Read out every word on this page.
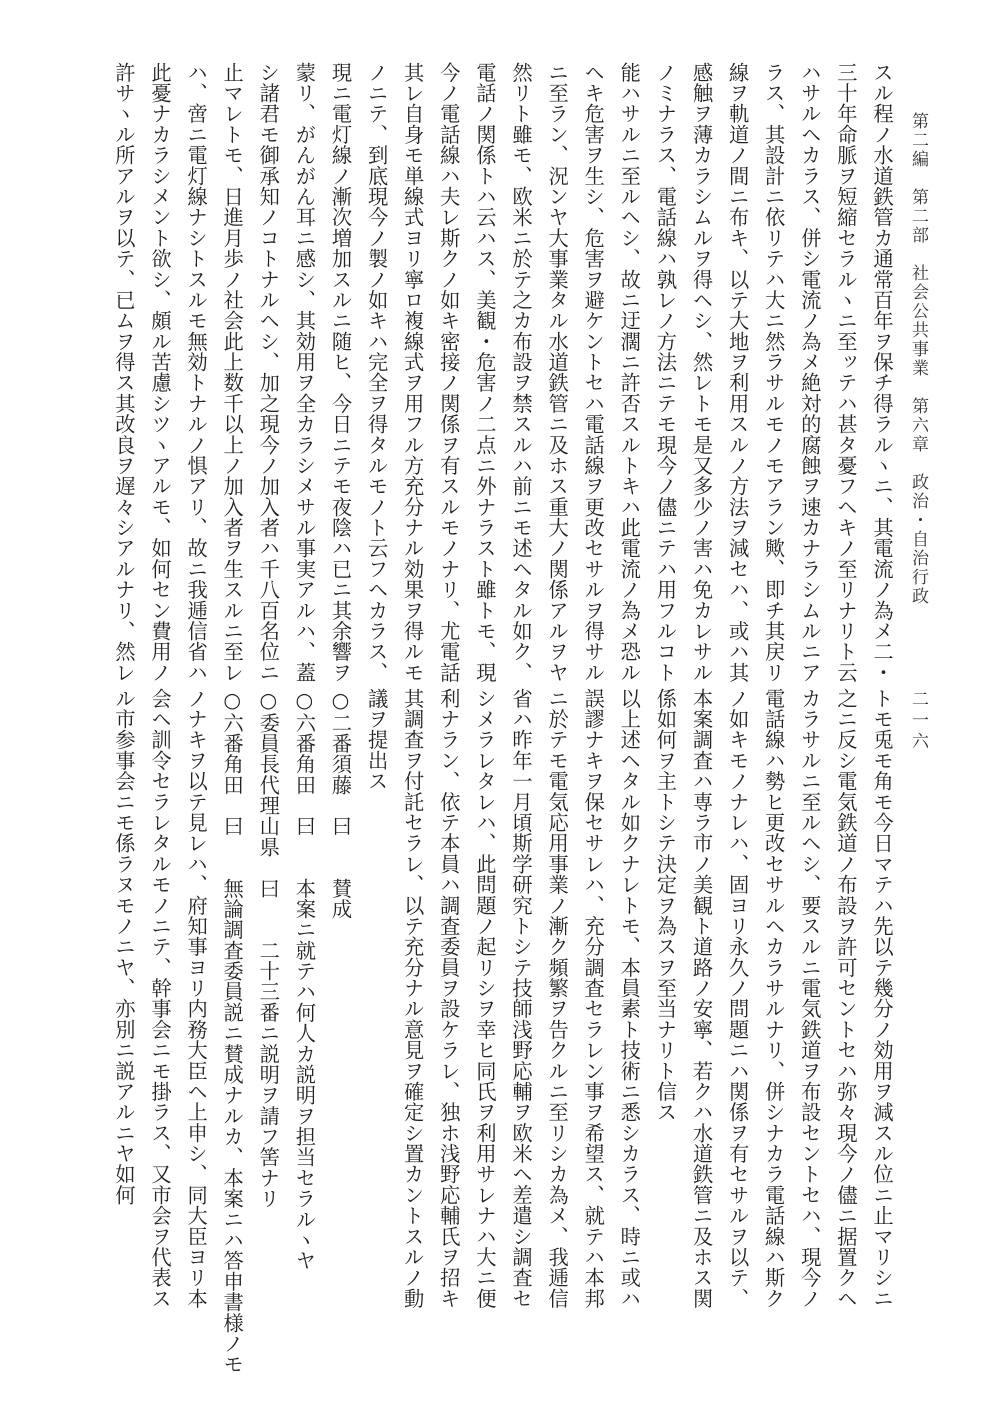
第二編　第二部　社会公共事業　第六章　政治・自治行政
二一六
スル程ノ水道鉄管カ通常百年ヲ保チ得ラルヽニ、其電流ノ為メ二・
三十年命脈ヲ短縮セラルヽニ至ッテハ甚タ憂フヘキノ至リナリト云
ハサルヘカラス、併シ電流ノ為メ絶対的腐蝕ヲ速カナラシムルニア
ラス、其設計ニ依リテハ大ニ然ラサルモノモアラン歟、即チ其戻リ
線ヲ軌道ノ間ニ布キ、以テ大地ヲ利用スルノ方法ヲ減セハ、或ハ其
感触ヲ薄カラシムルヲ得ヘシ、然レトモ是又多少ノ害ハ免カレサル
ノミナラス、電話線ハ孰レノ方法ニテモ現今ノ儘ニテハ用フルコト
能ハサルニ至ルヘシ、故ニ迂濶ニ許否スルトキハ此電流ノ為メ恐ル
ヘキ危害ヲ生シ、危害ヲ避ケントセハ電話線ヲ更改セサルヲ得サル
ニ至ラン、況ンヤ大事業タル水道鉄管ニ及ホス重大ノ関係アルヲヤ
然リト雖モ、欧米ニ於テ之カ布設ヲ禁スルハ前ニモ述ヘタル如ク、
電話ノ関係トハ云ハス、美観・危害ノ二点ニ外ナラスト雖トモ、現
今ノ電話線ハ夫レ斯クノ如キ密接ノ関係ヲ有スルモノナリ、尤電話
其レ自身モ単線式ヨリ寧ロ複線式ヲ用フル方充分ナル効果ヲ得ルモ
ノニテ、到底現今ノ製ノ如キハ完全ヲ得タルモノト云フヘカラス、
現ニ電灯線ノ漸次増加スルニ随ヒ、今日ニテモ夜陰ハ已ニ其余響ヲ
蒙リ、がんがん耳ニ感シ、其効用ヲ全カラシメサル事実アルハ、蓋
シ諸君モ御承知ノコトナルヘシ、加之現今ノ加入者ハ千八百名位ニ
止マレトモ、日進月歩ノ社会此上数千以上ノ加入者ヲ生スルニ至レ
ハ、啻ニ電灯線ナシトスルモ無効トナルノ惧アリ、故ニ我逓信省ハ
此憂ナカラシメント欲シ、頗ル苦慮シツヽアルモ、如何セン費用ノ
許サヽル所アルヲ以テ、已ムヲ得ス其改良ヲ遅々シアルナリ、然レ
トモ兎モ角モ今日マテハ先以テ幾分ノ効用ヲ減スル位ニ止マリシニ
之ニ反シ電気鉄道ノ布設ヲ許可セントセハ弥々現今ノ儘ニ据置クヘ
カラサルニ至ルヘシ、要スルニ電気鉄道ヲ布設セントセハ、現今ノ
電話線ハ勢ヒ更改セサルヘカラサルナリ、併シナカラ電話線ハ斯ク
ノ如キモノナレハ、固ヨリ永久ノ問題ニハ関係ヲ有セサルヲ以テ、
本案調査ハ専ラ市ノ美観ト道路ノ安寧、若クハ水道鉄管ニ及ホス関
係如何ヲ主トシテ決定ヲ為スヲ至当ナリト信ス
以上述ヘタル如クナレトモ、本員素ト技術ニ悉シカラス、時ニ或ハ
誤謬ナキヲ保セサレハ、充分調査セラレン事ヲ希望ス、就テハ本邦
ニ於テモ電気応用事業ノ漸ク頻繁ヲ告クルニ至リシカ為メ、我逓信
省ハ昨年一月頃斯学研究トシテ技師浅野応輔ヲ欧米ヘ差遣シ調査セ
シメラレタレハ、此問題ノ起リシヲ幸ヒ同氏ヲ利用サレナハ大ニ便
利ナラン、依テ本員ハ調査委員ヲ設ケラレ、独ホ浅野応輔氏ヲ招キ
其調査ヲ付託セラレ、以テ充分ナル意見ヲ確定シ置カントスルノ動
議ヲ提出ス
○二番須藤　曰　　賛成
○六番角田　曰　　本案ニ就テハ何人カ説明ヲ担当セラルヽヤ
○委員長代理山県　曰　　二十三番ニ説明ヲ請フ筈ナリ
○六番角田　曰　　無論調査委員説ニ賛成ナルカ、本案ニハ答申書様ノモ
ノナキヲ以テ見レハ、府知事ヨリ内務大臣ヘ上申シ、同大臣ヨリ本
会ヘ訓令セラレタルモノニテ、幹事会ニモ掛ラス、又市会ヲ代表ス
ル市参事会ニモ係ラヌモノニヤ、亦別ニ説アルニヤ如何
